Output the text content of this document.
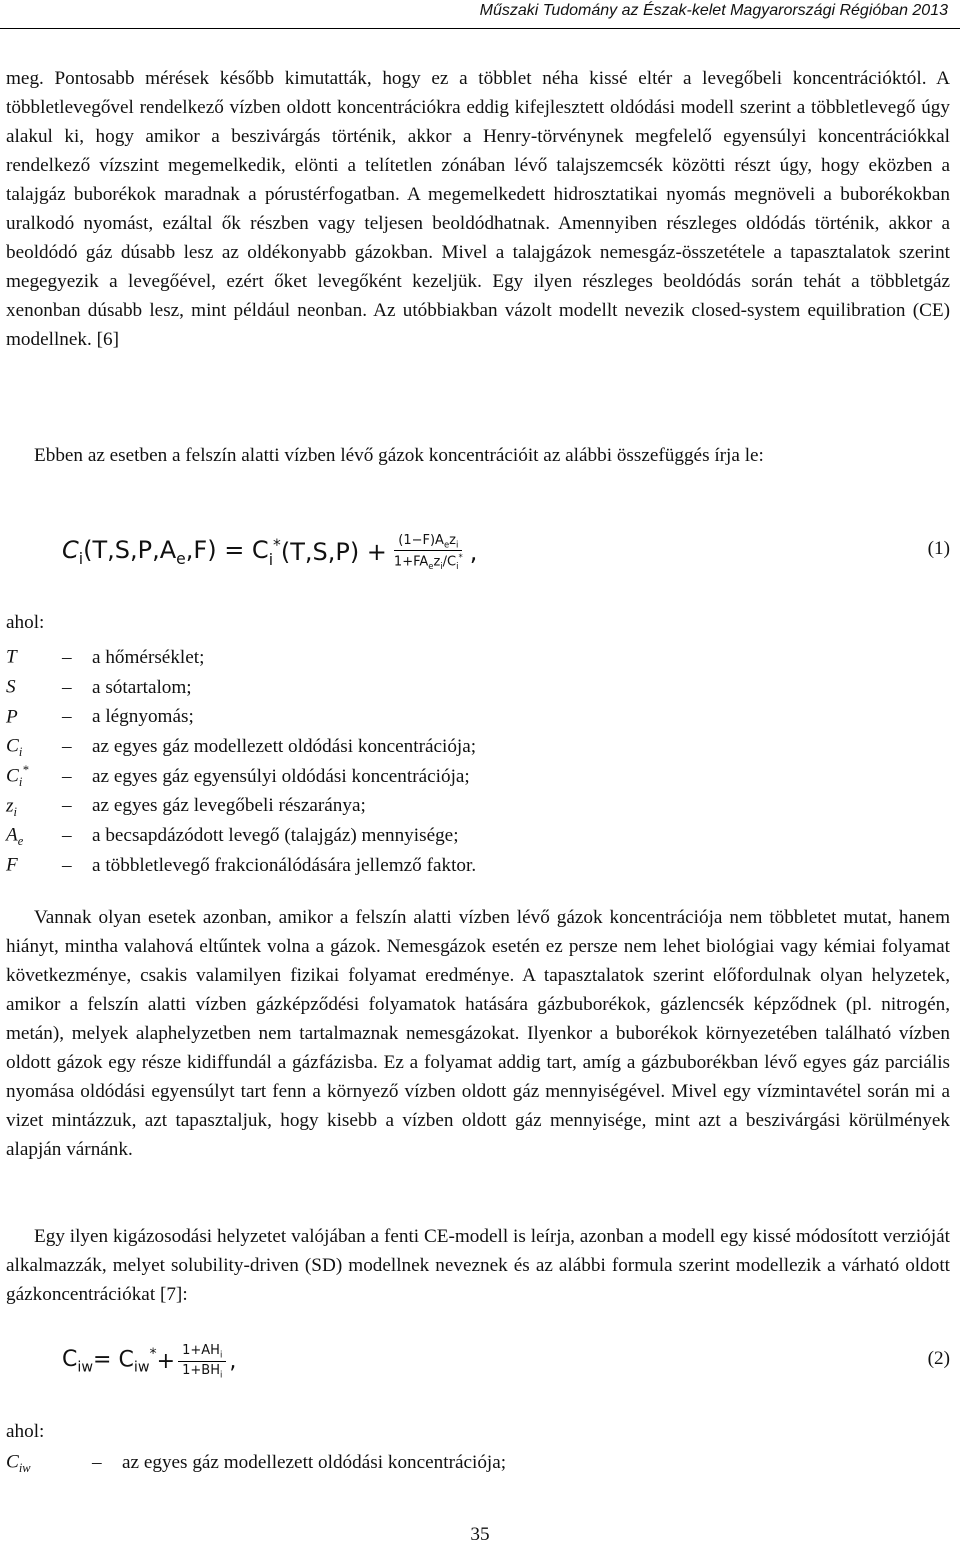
Műszaki Tudomány az Észak-kelet Magyarországi Régióban 2013

meg. Pontosabb mérések később kimutatták, hogy ez a többlet néha kissé eltér a levegőbeli koncentrációktól. A többletlevegővel rendelkező vízben oldott koncentrációkra eddig kifejlesztett oldódási modell szerint a többletlevegő úgy alakul ki, hogy amikor a beszivárgás történik, akkor a Henry-törvénynek megfelelő egyensúlyi koncentrációkkal rendelkező vízszint megemelkedik, elönti a telítetlen zónában lévő talajszemcsék közötti részt úgy, hogy eközben a talajgáz buborékok maradnak a pórustérfogatban. A megemelkedett hidrosztatikai nyomás megnöveli a buborékokban uralkodó nyomást, ezáltal ők részben vagy teljesen beoldódhatnak. Amennyiben részleges oldódás történik, akkor a beoldódó gáz dúsabb lesz az oldékonyabb gázokban. Mivel a talajgázok nemesgáz-összetétele a tapasztalatok szerint megegyezik a levegőével, ezért őket levegőként kezeljük. Egy ilyen részleges beoldódás során tehát a többletgáz xenonban dúsabb lesz, mint például neonban. Az utóbbiakban vázolt modellt nevezik closed-system equilibration (CE) modellnek. [6]

Ebben az esetben a felszín alatti vízben lévő gázok koncentrációit az alábbi összefüggés írja le:

$C_i$ $(T,S,P,A_e,F) = C$ $_i$* $(T,S,P) + \frac{(1-F)A_ez_i}{1+FA_ez_i/C_i^*}$ ,	(1)
ahol:
T	–	a hőmérséklet;
S	–	a sótartalom;
P	–	a légnyomás;
$C_i$	–	az egyes gáz modellezett oldódási koncentrációja;
$C_i^*$	–	az egyes gáz egyensúlyi oldódási koncentrációja;
$z_i$	–	az egyes gáz levegőbeli részaránya;
$A_e$	–	a becsapdázódott levegő (talajgáz) mennyisége;
F	–	a többletlevegő frakcionálódására jellemző faktor.

Vannak olyan esetek azonban, amikor a felszín alatti vízben lévő gázok koncentrációja nem többletet mutat, hanem hiányt, mintha valahová eltűntek volna a gázok. Nemesgázok esetén ez persze nem lehet biológiai vagy kémiai folyamat következménye, csakis valamilyen fizikai folyamat eredménye. A tapasztalatok szerint előfordulnak olyan helyzetek, amikor a felszín alatti vízben gázképződési folyamatok hatására gázbuborékok, gázlencsék képződnek (pl. nitrogén, metán), melyek alaphelyzetben nem tartalmaznak nemesgázokat. Ilyenkor a buborékok környezetében található vízben oldott gázok egy része kidiffundál a gázfázisba. Ez a folyamat addig tart, amíg a gázbuborékban lévő egyes gáz parciális nyomása oldódási egyensúlyt tart fenn a környező vízben oldott gáz mennyiségével. Mivel egy vízmintavétel során mi a vizet mintázzuk, azt tapasztaljuk, hogy kisebb a vízben oldott gáz mennyisége, mint azt a beszivárgási körülmények alapján várnánk.

Egy ilyen kigázosodási helyzetet valójában a fenti CE-modell is leírja, azonban a modell egy kissé módosított verzióját alkalmazzák, melyet solubility-driven (SD) modellnek neveznek és az alábbi formula szerint modellezik a várható oldott gázkoncentrációkat [7]:

$C_{iw} = C_{iw}^* + \frac{1+AH_i}{1+BH_i}$ ,	(2)
ahol:
$C_{iw}$	–	az egyes gáz modellezett oldódási koncentrációja;
35
